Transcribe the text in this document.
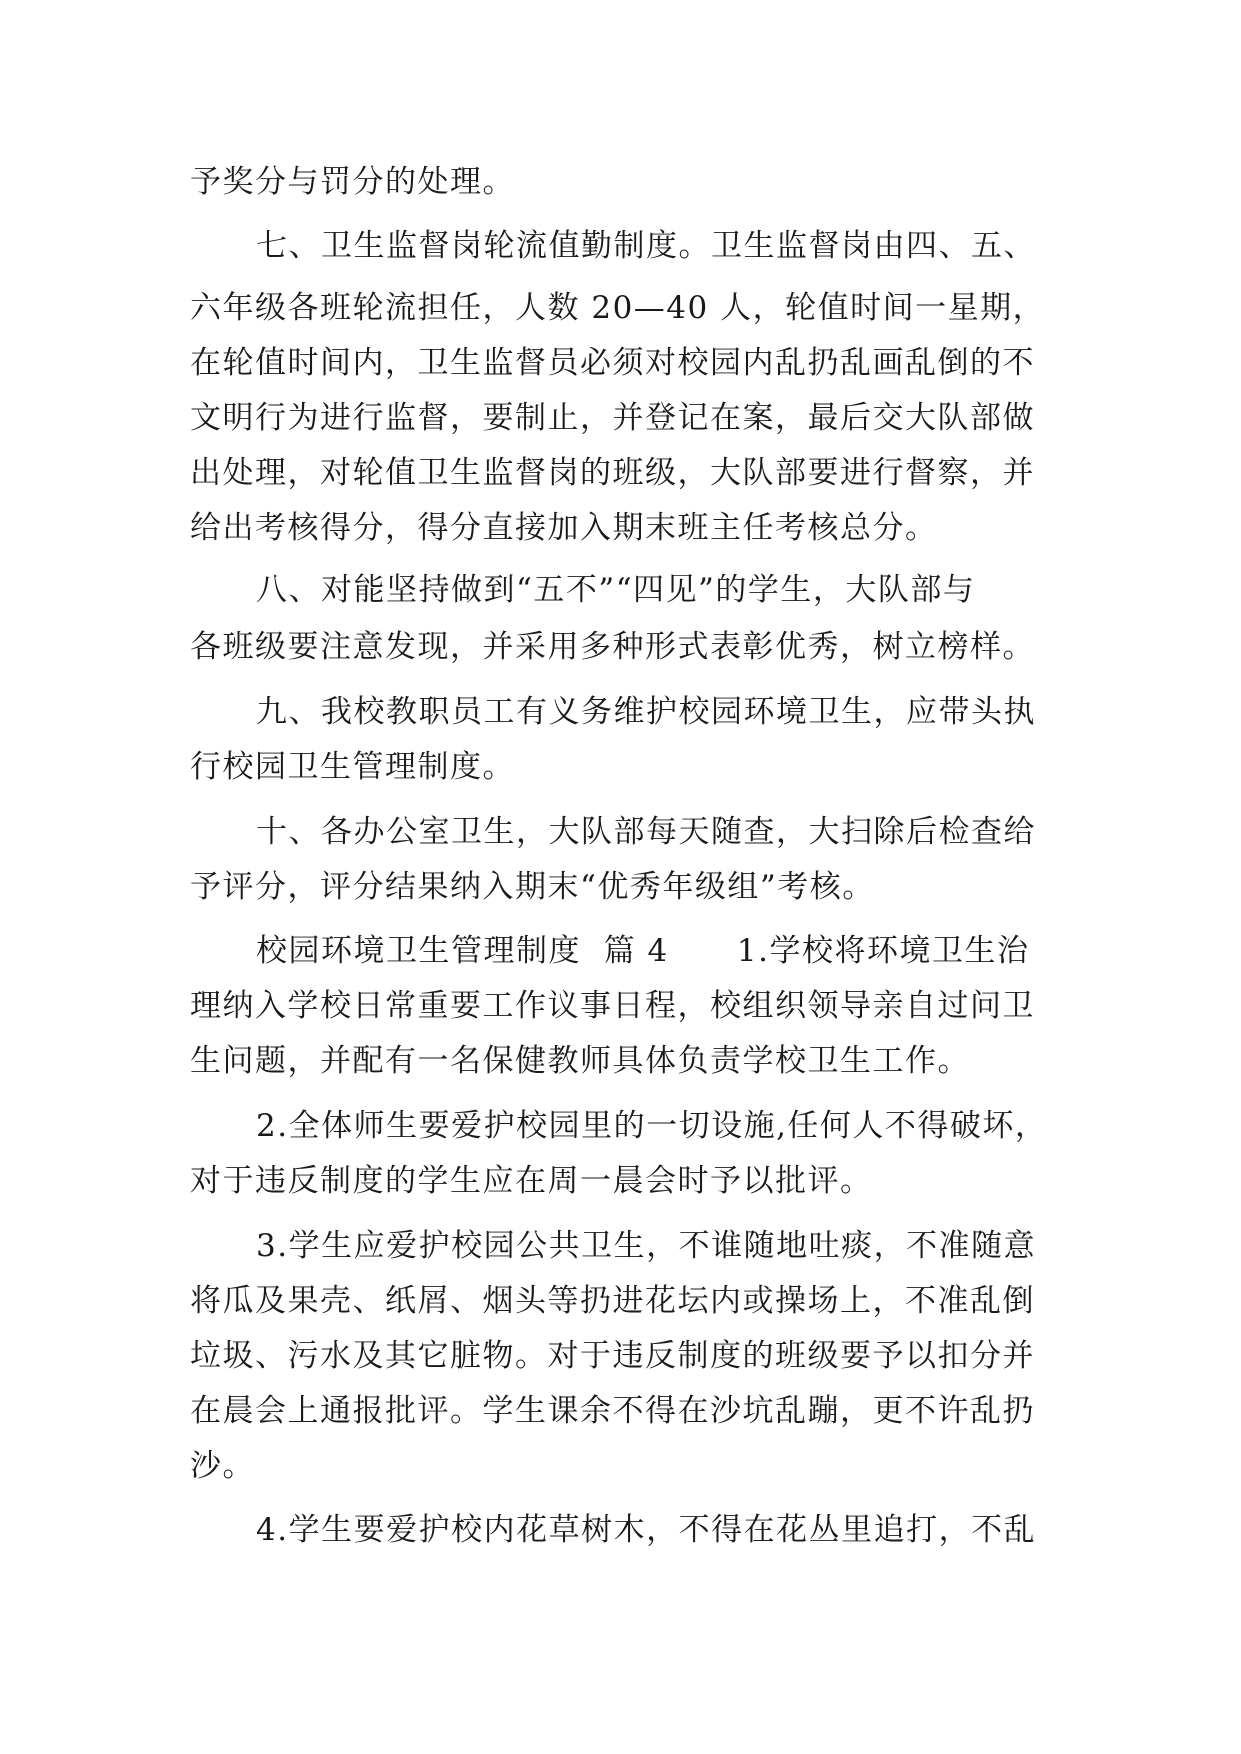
予奖分与罚分的处理。
七、卫生监督岗轮流值勤制度。卫生监督岗由四、五、
六年级各班轮流担任，人数 20—40 人，轮值时间一星期，
在轮值时间内，卫生监督员必须对校园内乱扔乱画乱倒的不
文明行为进行监督，要制止，并登记在案，最后交大队部做
出处理，对轮值卫生监督岗的班级，大队部要进行督察，并
给出考核得分，得分直接加入期末班主任考核总分。
八、对能坚持做到“五不”“四见”的学生，大队部与
各班级要注意发现，并采用多种形式表彰优秀，树立榜样。
九、我校教职员工有义务维护校园环境卫生，应带头执
行校园卫生管理制度。
十、各办公室卫生，大队部每天随查，大扫除后检查给
予评分，评分结果纳入期末“优秀年级组”考核。
校园环境卫生管理制度  篇 4      1.学校将环境卫生治
理纳入学校日常重要工作议事日程，校组织领导亲自过问卫
生问题，并配有一名保健教师具体负责学校卫生工作。
2.全体师生要爱护校园里的一切设施,任何人不得破坏，
对于违反制度的学生应在周一晨会时予以批评。
3.学生应爱护校园公共卫生，不谁随地吐痰，不准随意
将瓜及果壳、纸屑、烟头等扔进花坛内或操场上，不准乱倒
垃圾、污水及其它脏物。对于违反制度的班级要予以扣分并
在晨会上通报批评。学生课余不得在沙坑乱蹦，更不许乱扔
沙。
4.学生要爱护校内花草树木，不得在花丛里追打，不乱
